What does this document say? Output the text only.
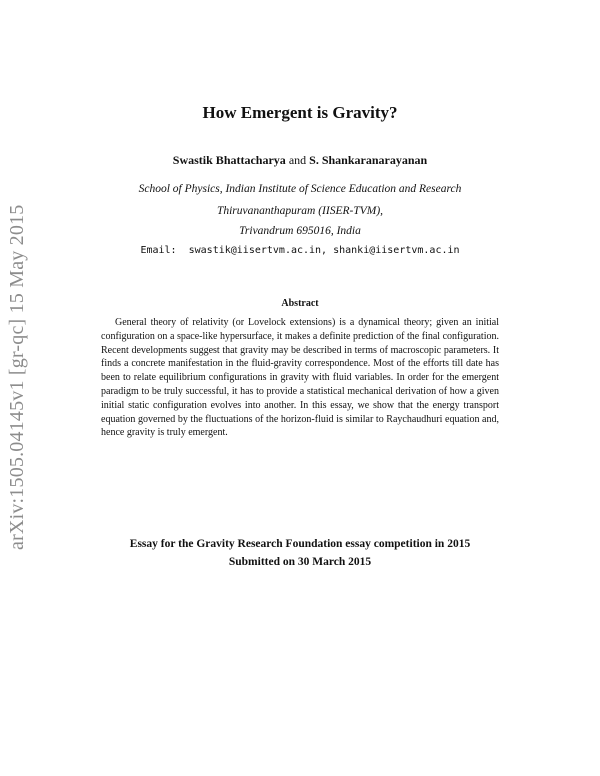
arXiv:1505.04145v1 [gr-qc] 15 May 2015
How Emergent is Gravity?
Swastik Bhattacharya and S. Shankaranarayanan
School of Physics, Indian Institute of Science Education and Research
Thiruvananthapuram (IISER-TVM),
Trivandrum 695016, India
Email: swastik@iisertvm.ac.in, shanki@iisertvm.ac.in
Abstract
General theory of relativity (or Lovelock extensions) is a dynamical theory; given an initial configuration on a space-like hypersurface, it makes a definite prediction of the final configuration. Recent developments suggest that gravity may be described in terms of macroscopic parameters. It finds a concrete manifestation in the fluid-gravity correspondence. Most of the efforts till date has been to relate equilibrium configurations in gravity with fluid variables. In order for the emergent paradigm to be truly successful, it has to provide a statistical mechanical derivation of how a given initial static configuration evolves into another. In this essay, we show that the energy transport equation governed by the fluctuations of the horizon-fluid is similar to Raychaudhuri equation and, hence gravity is truly emergent.
Essay for the Gravity Research Foundation essay competition in 2015
Submitted on 30 March 2015
